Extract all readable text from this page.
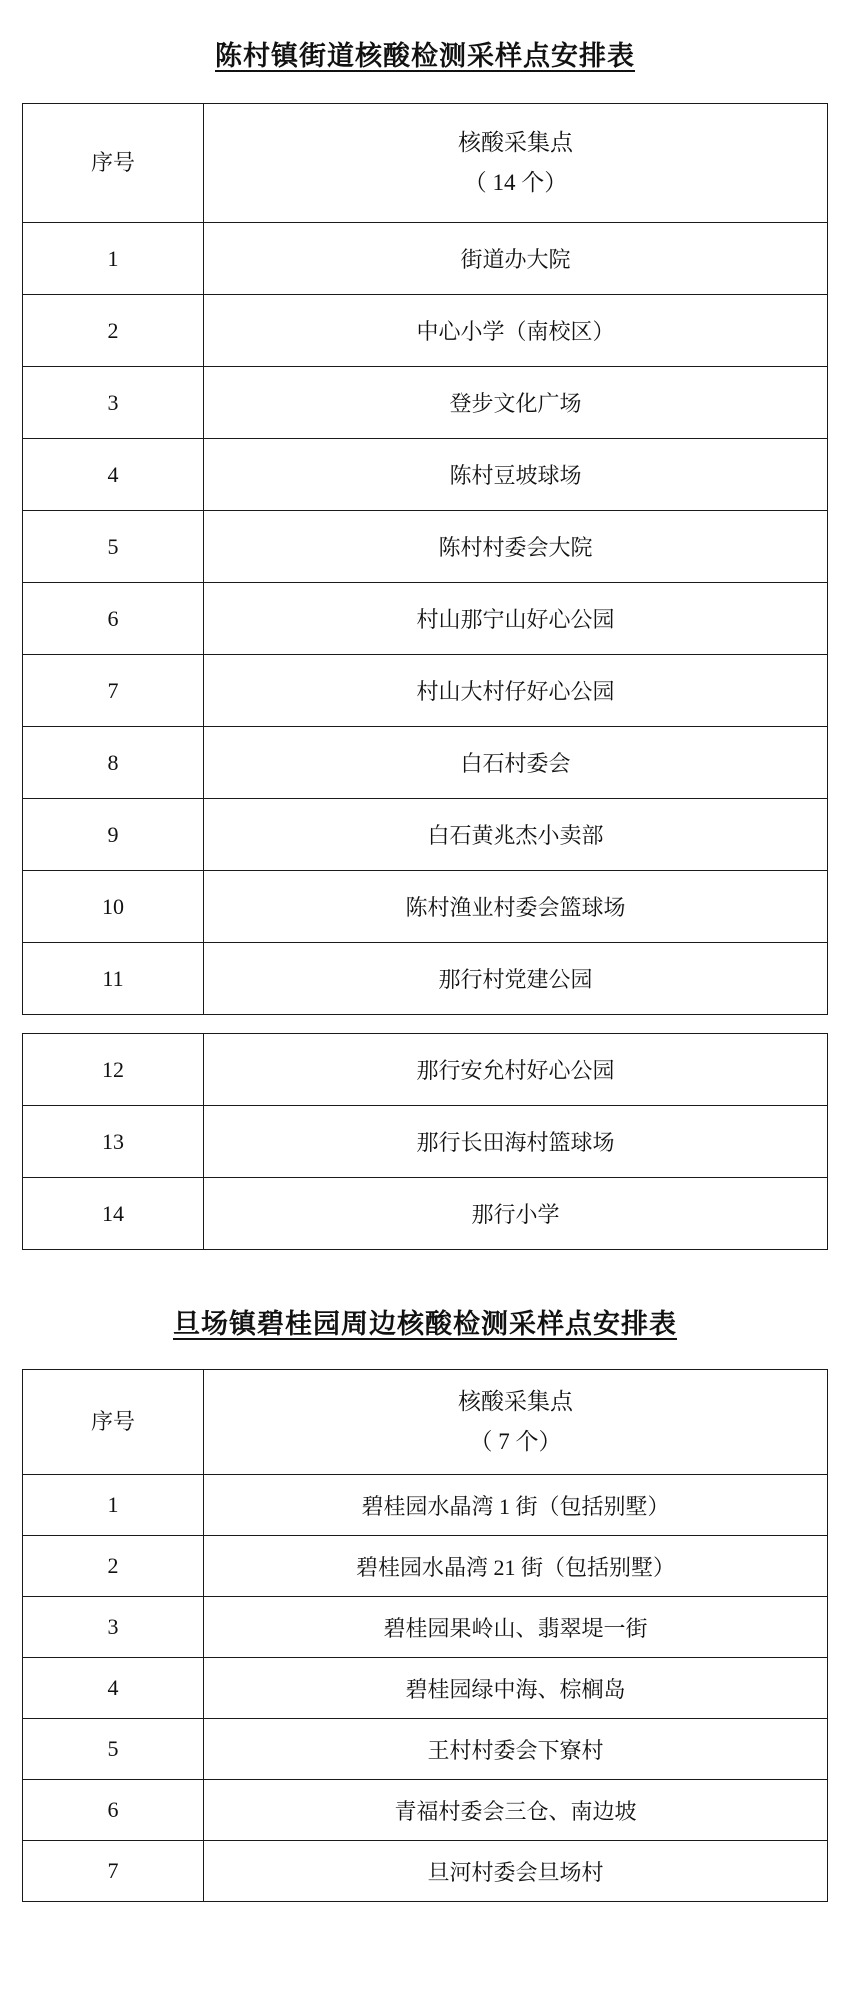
陈村镇街道核酸检测采样点安排表
序号	核酸采集点
（ 14 个）

1	街道办大院
2	中心小学（南校区）
3	登步文化广场
4	陈村豆坡球场
5	陈村村委会大院
6	村山那宁山好心公园
7	村山大村仔好心公园
8	白石村委会
9	白石黄兆杰小卖部
10	陈村渔业村委会篮球场
11	那行村党建公园

12	那行安允村好心公园
13	那行长田海村篮球场
14	那行小学
旦场镇碧桂园周边核酸检测采样点安排表
序号	核酸采集点
（ 7 个）

1	碧桂园水晶湾 1 街（包括别墅）
2	碧桂园水晶湾 21 街（包括别墅）
3	碧桂园果岭山、翡翠堤一街
4	碧桂园绿中海、棕榈岛
5	王村村委会下寮村
6	青福村委会三仓、南边坡
7	旦河村委会旦场村
